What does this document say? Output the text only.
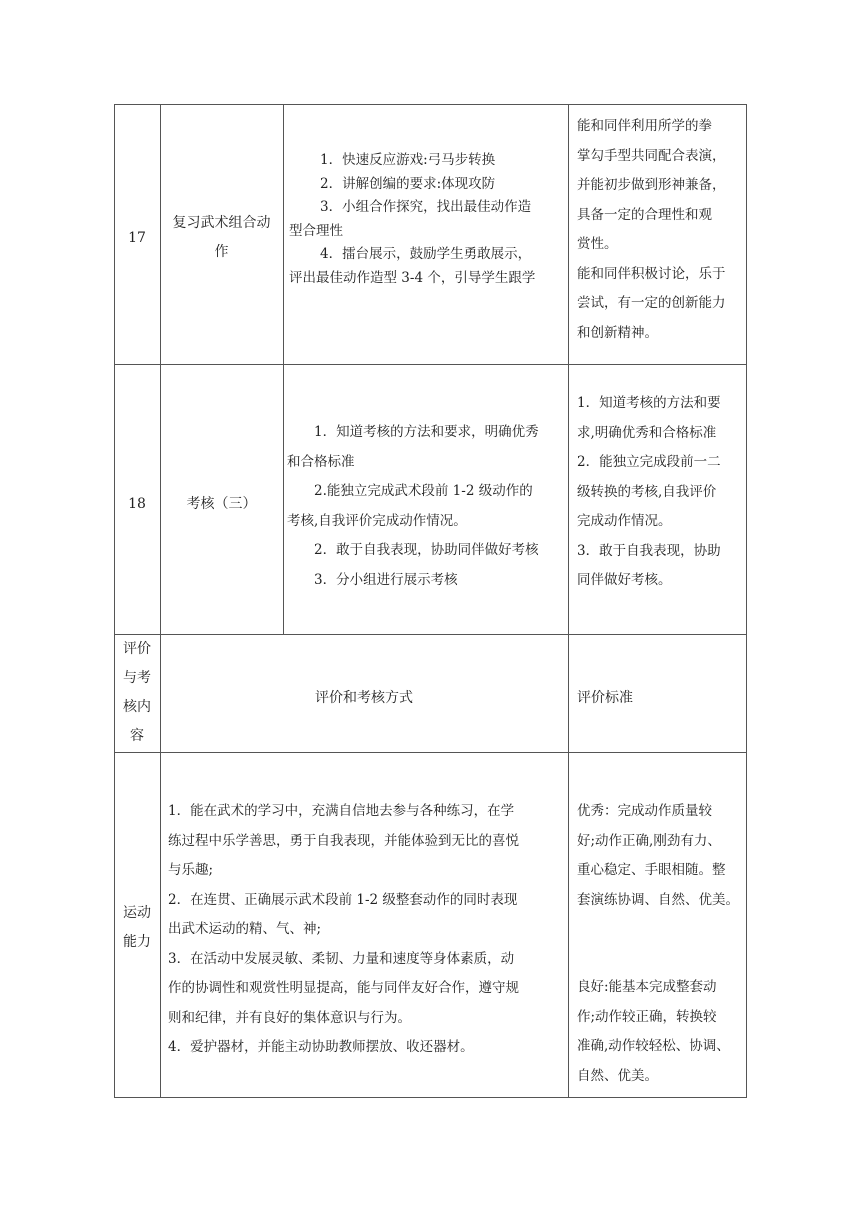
17

复习武术组合动

作

1．快速反应游戏:弓马步转换

2．讲解创编的要求:体现攻防

3．小组合作探究，找出最佳动作造

型合理性

4．擂台展示，鼓励学生勇敢展示，

评出最佳动作造型 3-4 个，引导学生跟学

能和同伴利用所学的拳

掌勾手型共同配合表演，

并能初步做到形神兼备，

具备一定的合理性和观

赏性。

能和同伴积极讨论，乐于

尝试，有一定的创新能力

和创新精神。

18	考核（三）

1．知道考核的方法和要求，明确优秀

和合格标准

2.能独立完成武术段前 1-2 级动作的

考核,自我评价完成动作情况。

2．敢于自我表现，协助同伴做好考核

3．分小组进行展示考核

1．知道考核的方法和要

求,明确优秀和合格标准

2．能独立完成段前一二

级转换的考核,自我评价

完成动作情况。

3．敢于自我表现，协助

同伴做好考核。

评价

与考

核内

容

评价和考核方式	评价标准

运动

能力

1．能在武术的学习中，充满自信地去参与各种练习，在学

练过程中乐学善思，勇于自我表现，并能体验到无比的喜悦

与乐趣;

2．在连贯、正确展示武术段前 1-2 级整套动作的同时表现

出武术运动的精、气、神;

3．在活动中发展灵敏、柔韧、力量和速度等身体素质，动

作的协调性和观赏性明显提高，能与同伴友好合作，遵守规

则和纪律，并有良好的集体意识与行为。

4．爱护器材，并能主动协助教师摆放、收还器材。

优秀：完成动作质量较

好;动作正确,刚劲有力、

重心稳定、手眼相随。整

套演练协调、自然、优美。

良好:能基本完成整套动

作;动作较正确，转换较

准确,动作较轻松、协调、

自然、优美。
